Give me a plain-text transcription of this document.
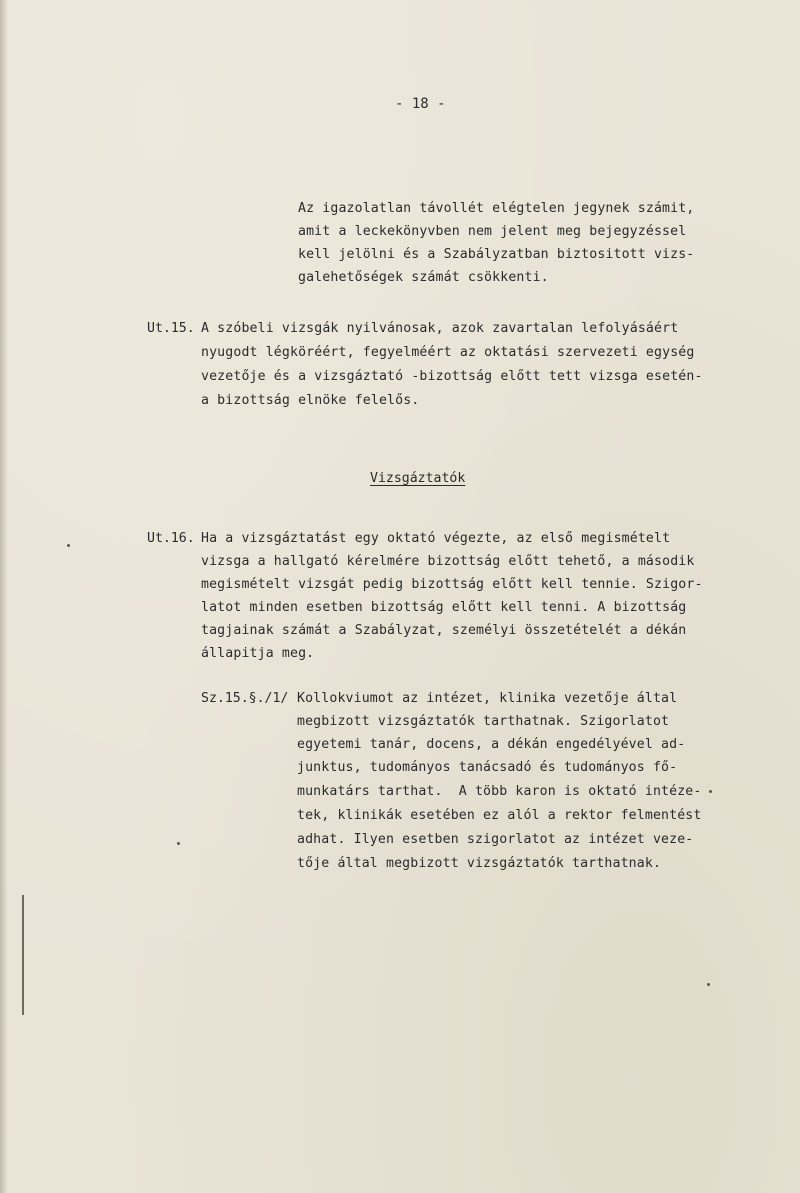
- 18 -
Az igazolatlan távollét elégtelen jegynek számit,
amit a leckekönyvben nem jelent meg bejegyzéssel
kell jelölni és a Szabályzatban biztositott vizs-
galehetőségek számát csökkenti.
Ut.15. A szóbeli vizsgák nyilvánosak, azok zavartalan lefolyásáért
nyugodt légköréért, fegyelméért az oktatási szervezeti egység
vezetője és a vizsgáztató -bizottság előtt tett vizsga esetén-
a bizottság elnöke felelős.
Vizsgáztatók
Ut.16. Ha a vizsgáztatást egy oktató végezte, az első megismételt
vizsga a hallgató kérelmére bizottság előtt tehető, a második
megismételt vizsgát pedig bizottság előtt kell tennie. Szigor-
latot minden esetben bizottság előtt kell tenni. A bizottság
tagjainak számát a Szabályzat, személyi összetételét a dékán
állapitja meg.
Sz.15.§./1/ Kollokviumot az intézet, klinika vezetője által
megbizott vizsgáztatók tarthatnak. Szigorlatot
egyetemi tanár, docens, a dékán engedélyével ad-
junktus, tudományos tanácsadó és tudományos fő-
munkatárs tarthat.  A több karon is oktató intéze-
tek, klinikák esetében ez alól a rektor felmentést
adhat. Ilyen esetben szigorlatot az intézet veze-
tője által megbizott vizsgáztatók tarthatnak.
